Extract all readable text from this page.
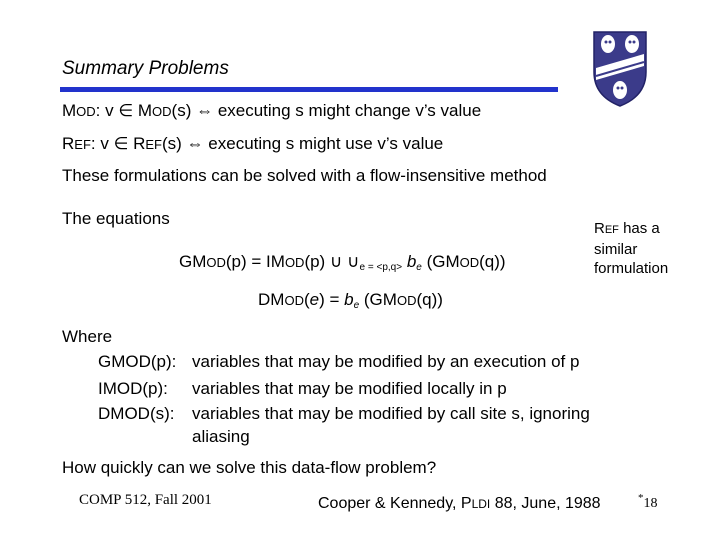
Summary Problems
MOD: v ∈ MOD(s) ⇔ executing s might change v’s value
REF: v ∈ REF(s) ⇔ executing s might use v’s value
These formulations can be solved with a flow-insensitive method
The equations
GMOD(p) = IMOD(p) ∪ $\cup_{e = <p,q>}$ be (GMOD(q))
REF has a similar formulation
DMOD(e) = be (GMOD(q))
Where
GMOD(p): variables that may be modified by an execution of p
IMOD(p): variables that may be modified locally in p
DMOD(s): variables that may be modified by call site s, ignoring
aliasing
How quickly can we solve this data-flow problem?
COMP 512, Fall 2001	Cooper & Kennedy, PLDI 88, June, 1988	*18
